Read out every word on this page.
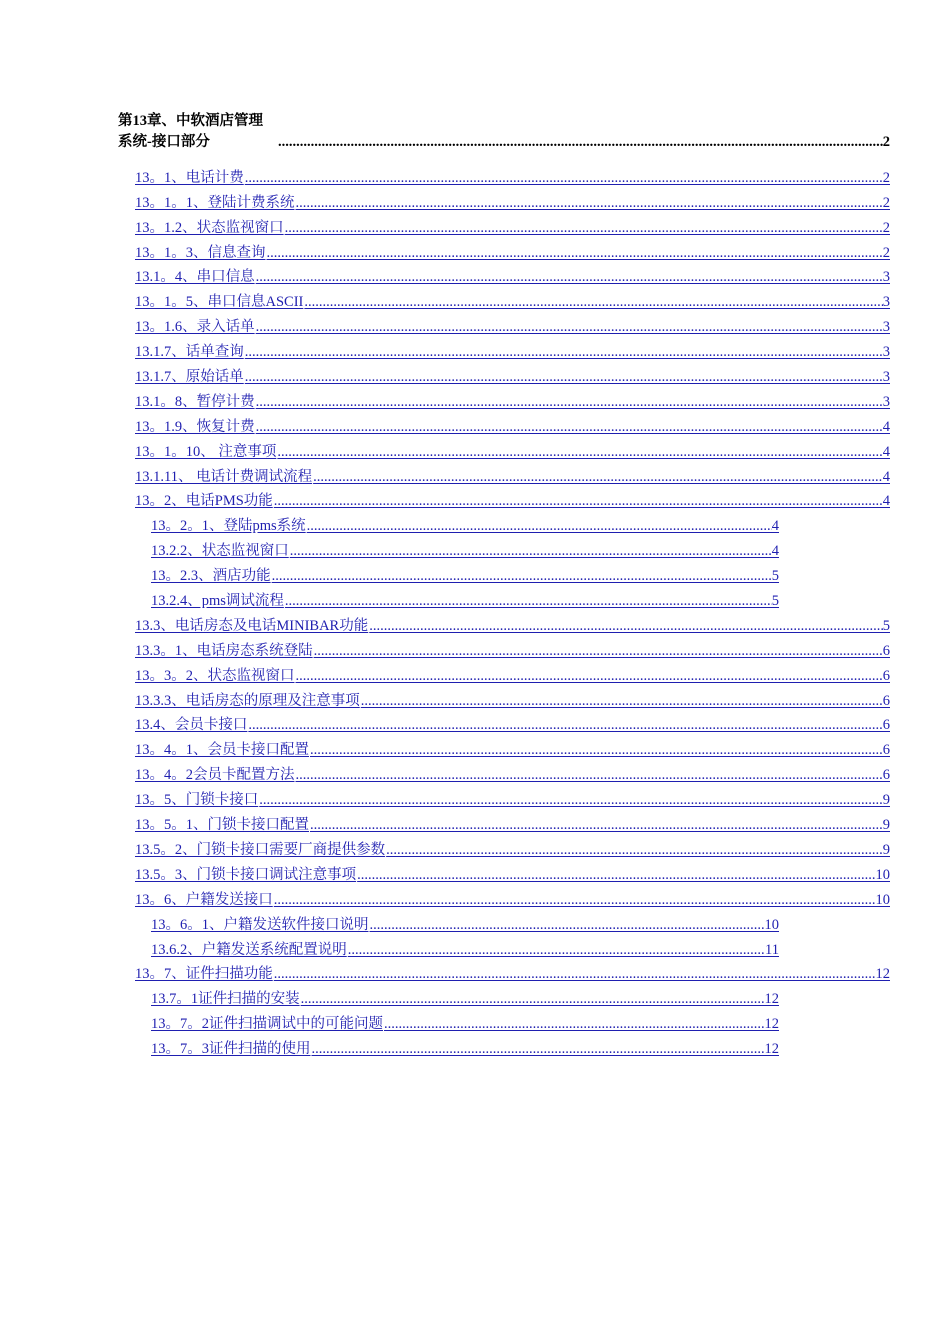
第13章、中软酒店管理系统-接口部分 .....	2
13。1、电话计费 .....	2
13。1。1、登陆计费系统 .....	2
13。1.2、状态监视窗口 .....	2
13。1。3、信息查询 .....	2
13.1。4、串口信息 .....	3
13。1。5、串口信息ASCII .....	3
13。1.6、录入话单 .....	3
13.1.7、话单查询 .....	3
13.1.7、原始话单 .....	3
13.1。8、暂停计费 .....	3
13。1.9、恢复计费 .....	4
13。1。10、 注意事项 .....	4
13.1.11、 电话计费调试流程 .....	4
13。2、电话PMS功能 .....	4
13。2。1、登陆pms系统 .....	4
13.2.2、状态监视窗口 .....	4
13。2.3、酒店功能 .....	5
13.2.4、pms调试流程 .....	5
13.3、电话房态及电话MINIBAR功能 .....	5
13.3。1、电话房态系统登陆 .....	6
13。3。2、状态监视窗口 .....	6
13.3.3、电话房态的原理及注意事项 .....	6
13.4、会员卡接口 .....	6
13。4。1、会员卡接口配置 .....	6
13。4。2会员卡配置方法 .....	6
13。5、门锁卡接口 .....	9
13。5。1、门锁卡接口配置 .....	9
13.5。2、门锁卡接口需要厂商提供参数 .....	9
13.5。3、门锁卡接口调试注意事项 .....	10
13。6、户籍发送接口 .....	10
13。6。1、户籍发送软件接口说明 .....	10
13.6.2、户籍发送系统配置说明 .....	11
13。7、证件扫描功能 .....	12
13.7。1证件扫描的安装 .....	12
13。7。2证件扫描调试中的可能问题 .....	12
13。7。3证件扫描的使用 .....	12
